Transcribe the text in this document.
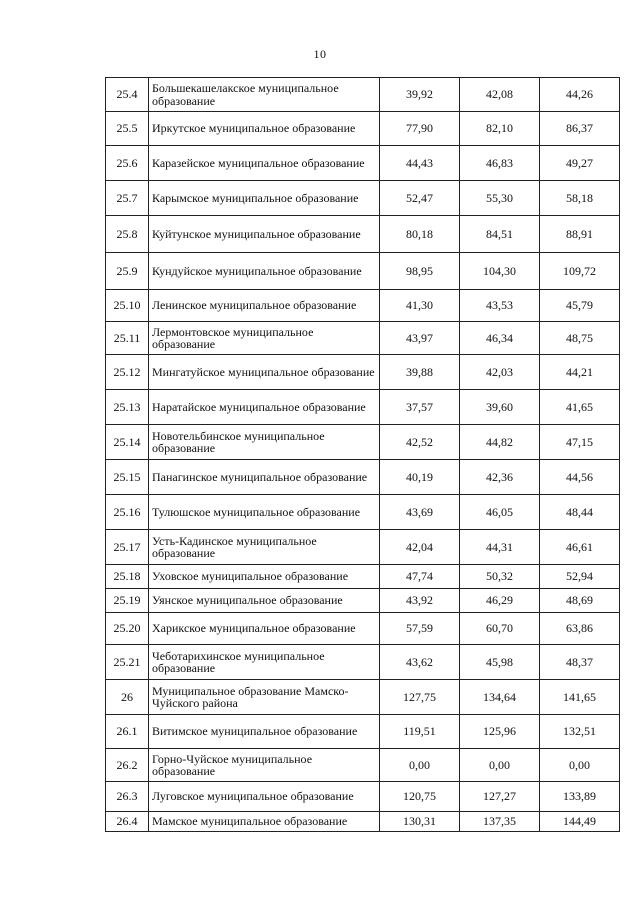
10
25.4	Большекашелакское муниципальное образование	39,92	42,08	44,26
25.5	Иркутское муниципальное образование	77,90	82,10	86,37
25.6	Каразейское муниципальное образование	44,43	46,83	49,27
25.7	Карымское муниципальное образование	52,47	55,30	58,18
25.8	Куйтунское муниципальное образование	80,18	84,51	88,91
25.9	Кундуйское муниципальное образование	98,95	104,30	109,72
25.10	Ленинское муниципальное образование	41,30	43,53	45,79
25.11	Лермонтовское муниципальное образование	43,97	46,34	48,75
25.12	Мингатуйское муниципальное образование	39,88	42,03	44,21
25.13	Наратайское муниципальное образование	37,57	39,60	41,65
25.14	Новотельбинское муниципальное образование	42,52	44,82	47,15
25.15	Панагинское муниципальное образование	40,19	42,36	44,56
25.16	Тулюшское муниципальное образование	43,69	46,05	48,44
25.17	Усть-Кадинское муниципальное образование	42,04	44,31	46,61
25.18	Уховское муниципальное образование	47,74	50,32	52,94
25.19	Уянское муниципальное образование	43,92	46,29	48,69
25.20	Харикское муниципальное образование	57,59	60,70	63,86
25.21	Чеботарихинское муниципальное образование	43,62	45,98	48,37
26	Муниципальное образование Мамско-Чуйского района	127,75	134,64	141,65
26.1	Витимское муниципальное образование	119,51	125,96	132,51
26.2	Горно-Чуйское муниципальное образование	0,00	0,00	0,00
26.3	Луговское муниципальное образование	120,75	127,27	133,89
26.4	Мамское муниципальное образование	130,31	137,35	144,49
